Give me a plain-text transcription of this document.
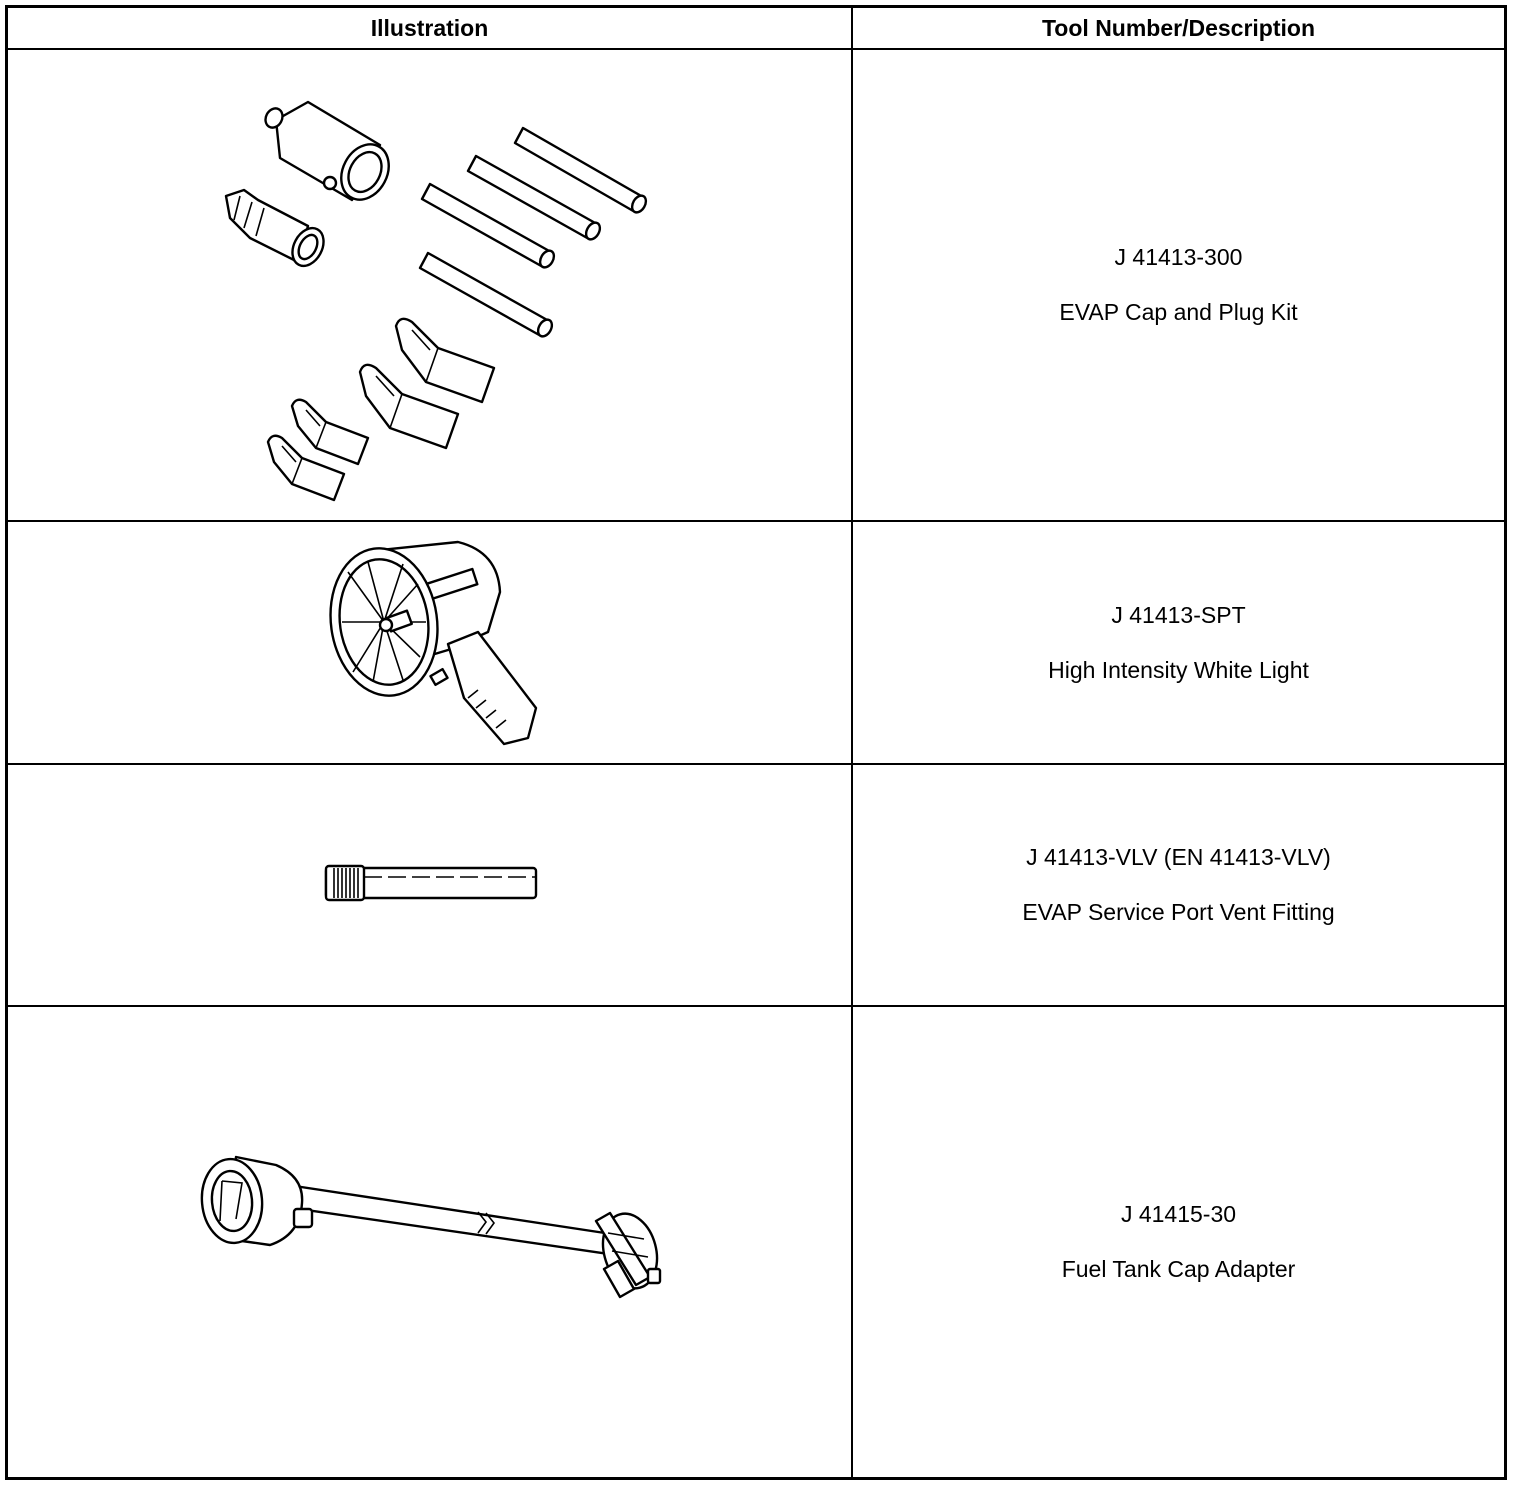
Illustration	Tool Number/Description
J 41413-300
EVAP Cap and Plug Kit
J 41413-SPT
High Intensity White Light
J 41413-VLV (EN 41413-VLV)
EVAP Service Port Vent Fitting
J 41415-30
Fuel Tank Cap Adapter
